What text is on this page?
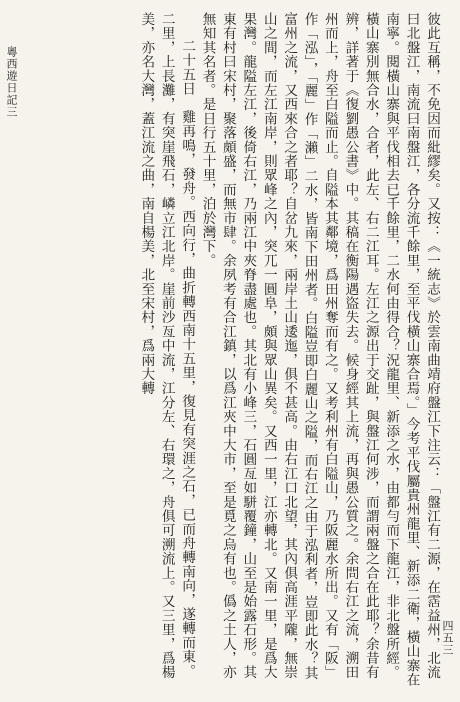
粵西遊日記三	彼此互稱，不免因而紕繆矣。又按：《一統志》於雲南曲靖府盤江下注云：「盤江有二源，在霑益州，北流曰北盤江，南流曰南盤江，各分流千餘里，至平伐橫山寨合焉。」今考平伐屬貴州龍里、新添二衛，橫山寨在南寧。閱橫山寨與平伐相去已千餘里，二水何由得合？況龍里、新添之水，由都勻而下龍江，非北盤所經。橫山寨別無合水，合者，此左、右二江耳。左江之源出于交趾，與盤江何涉，而謂兩盤之合在此耶？余昔有辨，詳著于《復劉愚公書》中。其稿在衡陽遇盜失去。候身經其上流，再與愚公質之。余問右江之流，溯田州而上，舟至白隘而止。自隘本其鄰境，爲田州奪而有之。又考利州有白隘山，乃阪麗水所出。又有「阪」作「泓」，「麗」作「瀨」二水，皆南下田州者。白隘豈即白麗山之隘，而右江之由于泓利者，豈即此水？其富州之流，又西來合之者耶？自岔九來，兩岸土山逶迤，俱不甚高。由右江口北望，其內俱高涯平隴，無崇山之間，而左江南岸，則眾峰之內，突兀一圓阜，頗與眾山異矣。又西一里，江亦轉北。又南一里，是爲大果灣。龍隘左江，後倚右江，乃兩江中夾脊盡處也。其北有小峰三，石圓亙如駢覆鐘，山至是始露石形。其東有村曰宋村，聚落頗盛，而無市肆。余夙考有合江鎮，以爲江夾中大市，至是覓之烏有也。僞之土人，亦無知其名者。是日行五十里，泊於灣下。

二十五日　雞再鳴，發舟。西向行，曲折轉西南十五里，復見有突涯之石，已而舟轉南向，遂轉而東。二里，上長灘，有突崖飛石，嶙立江北岸。崖前沙亙中流，江分左、右環之，舟俱可溯流上。又三里，爲楊美，亦名大灣，蓋江流之曲，南自楊美，北至宋村，爲兩大轉

四五三
